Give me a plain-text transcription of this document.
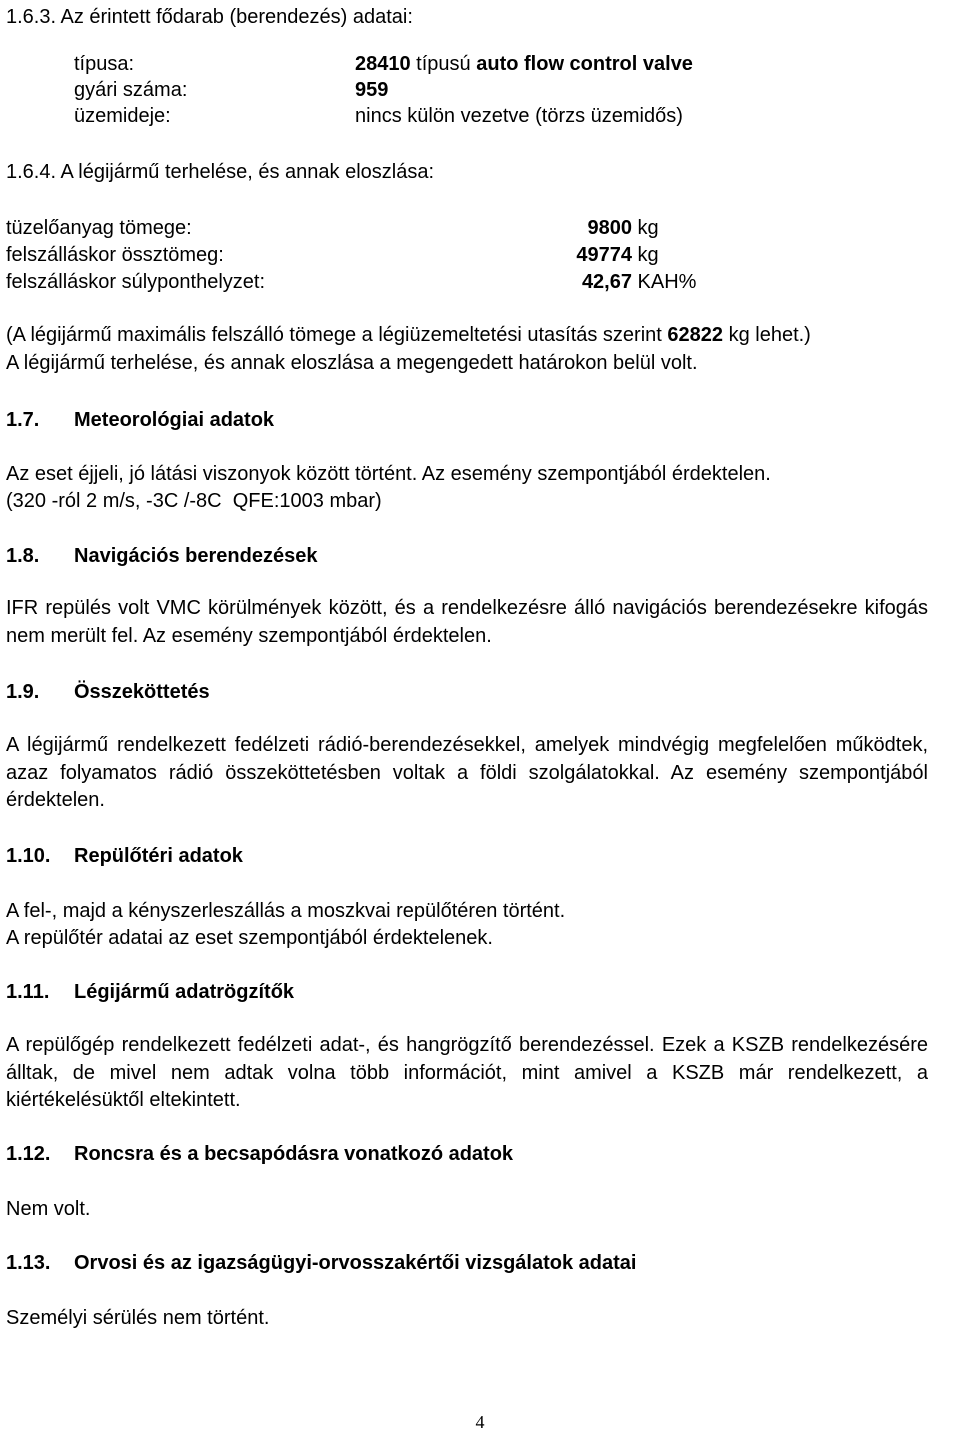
1.6.3. Az érintett fődarab (berendezés) adatai:
típusa:	28410 típusú auto flow control valve
gyári száma:	959
üzemideje:	nincs külön vezetve (törzs üzemidős)
1.6.4. A légijármű terhelése, és annak eloszlása:
tüzelőanyag tömege:	9800 kg
felszálláskor össztömeg:	49774 kg
felszálláskor súlyponthelyzet:	42,67 KAH%
(A légijármű maximális felszálló tömege a légiüzemeltetési utasítás szerint 62822 kg lehet.)
A légijármű terhelése, és annak eloszlása a megengedett határokon belül volt.
1.7. Meteorológiai adatok
Az eset éjjeli, jó látási viszonyok között történt. Az esemény szempontjából érdektelen.
(320 -ról 2 m/s, -3C /-8C  QFE:1003 mbar)
1.8. Navigációs berendezések
IFR repülés volt VMC körülmények között, és a rendelkezésre álló navigációs berendezésekre kifogás nem merült fel. Az esemény szempontjából érdektelen.
1.9. Összeköttetés
A légijármű rendelkezett fedélzeti rádió-berendezésekkel, amelyek mindvégig megfelelően működtek, azaz folyamatos rádió összeköttetésben voltak a földi szolgálatokkal. Az esemény szempontjából érdektelen.
1.10. Repülőtéri adatok
A fel-, majd a kényszerleszállás a moszkvai repülőtéren történt.
A repülőtér adatai az eset szempontjából érdektelenek.
1.11. Légijármű adatrögzítők
A repülőgép rendelkezett fedélzeti adat-, és hangrögzítő berendezéssel. Ezek a KSZB rendelkezésére álltak, de mivel nem adtak volna több információt, mint amivel a KSZB már rendelkezett, a kiértékelésüktől eltekintett.
1.12. Roncsra és a becsapódásra vonatkozó adatok
Nem volt.
1.13. Orvosi és az igazságügyi-orvosszakértői vizsgálatok adatai
Személyi sérülés nem történt.
4
